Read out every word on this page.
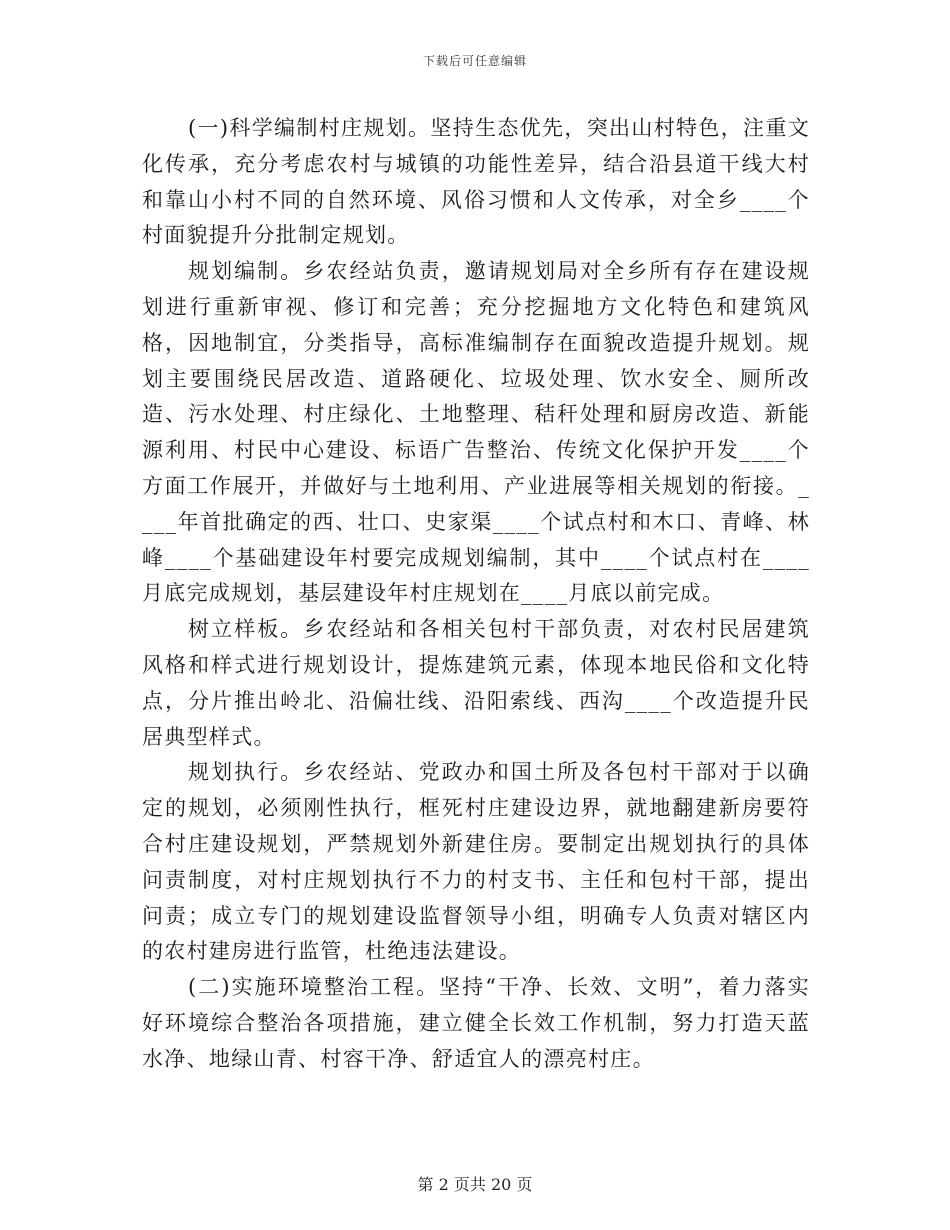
下载后可任意编辑

(一)科学编制村庄规划。坚持生态优先，突出山村特色，注重文化传承，充分考虑农村与城镇的功能性差异，结合沿县道干线大村和靠山小村不同的自然环境、风俗习惯和人文传承，对全乡____个村面貌提升分批制定规划。

规划编制。乡农经站负责，邀请规划局对全乡所有存在建设规划进行重新审视、修订和完善；充分挖掘地方文化特色和建筑风格，因地制宜，分类指导，高标准编制存在面貌改造提升规划。规划主要围绕民居改造、道路硬化、垃圾处理、饮水安全、厕所改造、污水处理、村庄绿化、土地整理、秸秆处理和厨房改造、新能源利用、村民中心建设、标语广告整治、传统文化保护开发____个方面工作展开，并做好与土地利用、产业进展等相关规划的衔接。____年首批确定的西、壮口、史家渠____个试点村和木口、青峰、林峰____个基础建设年村要完成规划编制，其中____个试点村在____月底完成规划，基层建设年村庄规划在____月底以前完成。

树立样板。乡农经站和各相关包村干部负责，对农村民居建筑风格和样式进行规划设计，提炼建筑元素，体现本地民俗和文化特点，分片推出岭北、沿偏壮线、沿阳索线、西沟____个改造提升民居典型样式。

规划执行。乡农经站、党政办和国土所及各包村干部对于以确定的规划，必须刚性执行，框死村庄建设边界，就地翻建新房要符合村庄建设规划，严禁规划外新建住房。要制定出规划执行的具体问责制度，对村庄规划执行不力的村支书、主任和包村干部，提出问责；成立专门的规划建设监督领导小组，明确专人负责对辖区内的农村建房进行监管，杜绝违法建设。

(二)实施环境整治工程。坚持“干净、长效、文明”，着力落实好环境综合整治各项措施，建立健全长效工作机制，努力打造天蓝水净、地绿山青、村容干净、舒适宜人的漂亮村庄。

第 2 页共 20 页
